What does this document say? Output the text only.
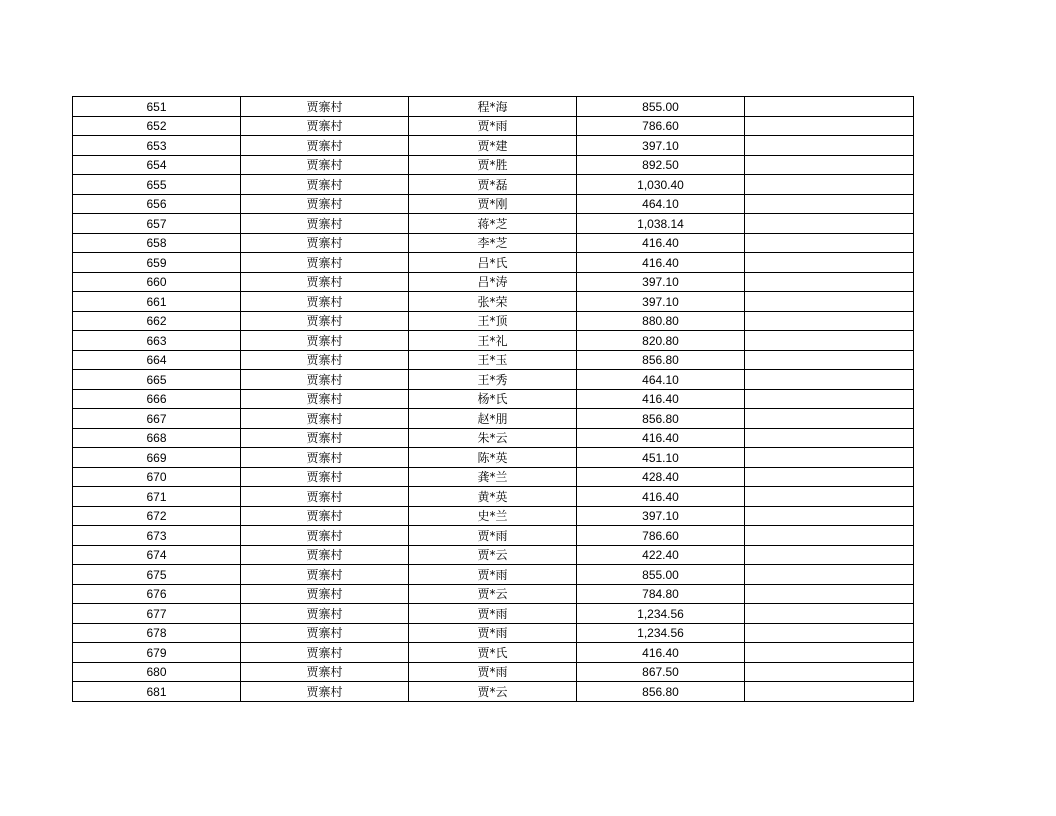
651	贾寨村	程*海	855.00	
652	贾寨村	贾*雨	786.60	
653	贾寨村	贾*建	397.10	
654	贾寨村	贾*胜	892.50	
655	贾寨村	贾*磊	1,030.40	
656	贾寨村	贾*刚	464.10	
657	贾寨村	蒋*芝	1,038.14	
658	贾寨村	李*芝	416.40	
659	贾寨村	吕*氏	416.40	
660	贾寨村	吕*涛	397.10	
661	贾寨村	张*荣	397.10	
662	贾寨村	王*顶	880.80	
663	贾寨村	王*礼	820.80	
664	贾寨村	王*玉	856.80	
665	贾寨村	王*秀	464.10	
666	贾寨村	杨*氏	416.40	
667	贾寨村	赵*朋	856.80	
668	贾寨村	朱*云	416.40	
669	贾寨村	陈*英	451.10	
670	贾寨村	龚*兰	428.40	
671	贾寨村	黄*英	416.40	
672	贾寨村	史*兰	397.10	
673	贾寨村	贾*雨	786.60	
674	贾寨村	贾*云	422.40	
675	贾寨村	贾*雨	855.00	
676	贾寨村	贾*云	784.80	
677	贾寨村	贾*雨	1,234.56	
678	贾寨村	贾*雨	1,234.56	
679	贾寨村	贾*氏	416.40	
680	贾寨村	贾*雨	867.50	
681	贾寨村	贾*云	856.80	
